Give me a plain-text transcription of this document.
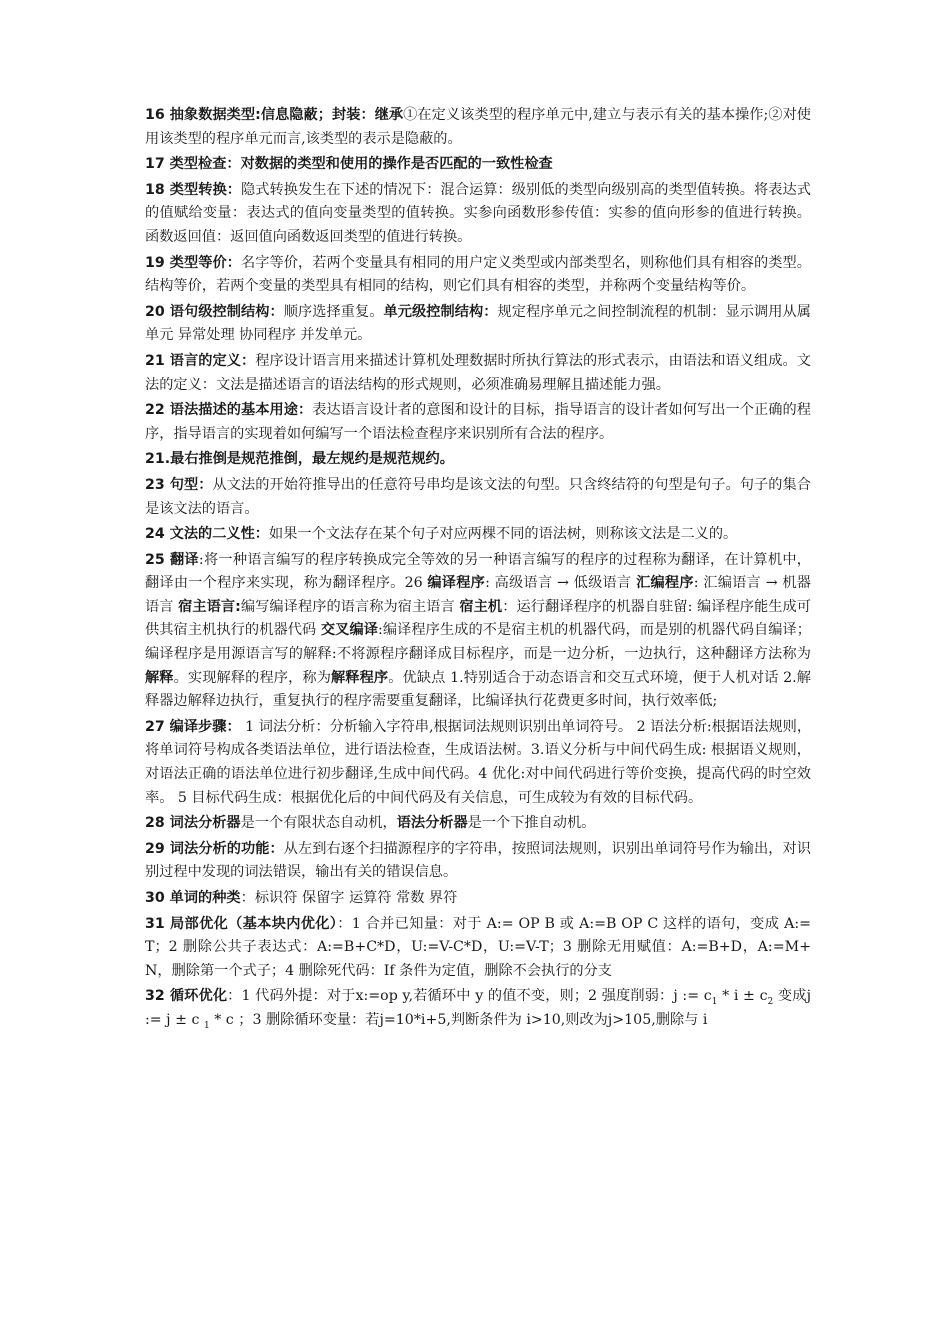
16 抽象数据类型:信息隐蔽；封装：继承①在定义该类型的程序单元中,建立与表示有关的基本操作;②对使用该类型的程序单元而言,该类型的表示是隐蔽的。

17 类型检查：对数据的类型和使用的操作是否匹配的一致性检查

18 类型转换：隐式转换发生在下述的情况下：混合运算：级别低的类型向级别高的类型值转换。将表达式的值赋给变量：表达式的值向变量类型的值转换。实参向函数形参传值：实参的值向形参的值进行转换。函数返回值：返回值向函数返回类型的值进行转换。

19 类型等价：名字等价，若两个变量具有相同的用户定义类型或内部类型名，则称他们具有相容的类型。结构等价，若两个变量的类型具有相同的结构，则它们具有相容的类型，并称两个变量结构等价。

20 语句级控制结构：顺序选择重复。单元级控制结构：规定程序单元之间控制流程的机制：显示调用从属单元 异常处理 协同程序 并发单元。

21 语言的定义：程序设计语言用来描述计算机处理数据时所执行算法的形式表示，由语法和语义组成。文法的定义：文法是描述语言的语法结构的形式规则，必须准确易理解且描述能力强。

22 语法描述的基本用途：表达语言设计者的意图和设计的目标，指导语言的设计者如何写出一个正确的程序，指导语言的实现着如何编写一个语法检查程序来识别所有合法的程序。

21.最右推倒是规范推倒，最左规约是规范规约。

23 句型：从文法的开始符推导出的任意符号串均是该文法的句型。只含终结符的句型是句子。句子的集合是该文法的语言。

24 文法的二义性：如果一个文法存在某个句子对应两棵不同的语法树，则称该文法是二义的。

25 翻译:将一种语言编写的程序转换成完全等效的另一种语言编写的程序的过程称为翻译，在计算机中，翻译由一个程序来实现，称为翻译程序。26 编译程序: 高级语言 → 低级语言 汇编程序: 汇编语言 → 机器语言 宿主语言:编写编译程序的语言称为宿主语言 宿主机：运行翻译程序的机器自驻留: 编译程序能生成可供其宿主机执行的机器代码 交叉编译:编译程序生成的不是宿主机的机器代码，而是别的机器代码自编译；编译程序是用源语言写的解释:不将源程序翻译成目标程序，而是一边分析，一边执行，这种翻译方法称为解释。实现解释的程序，称为解释程序。优缺点 1.特别适合于动态语言和交互式环境，便于人机对话 2.解释器边解释边执行，重复执行的程序需要重复翻译，比编译执行花费更多时间，执行效率低;

27 编译步骤： 1 词法分析：分析输入字符串,根据词法规则识别出单词符号。 2 语法分析:根据语法规则，将单词符号构成各类语法单位，进行语法检查，生成语法树。3.语义分析与中间代码生成: 根据语义规则，对语法正确的语法单位进行初步翻译,生成中间代码。4 优化:对中间代码进行等价变换，提高代码的时空效率。 5 目标代码生成：根据优化后的中间代码及有关信息，可生成较为有效的目标代码。

28 词法分析器是一个有限状态自动机，语法分析器是一个下推自动机。

29 词法分析的功能：从左到右逐个扫描源程序的字符串，按照词法规则，识别出单词符号作为输出，对识别过程中发现的词法错误，输出有关的错误信息。

30 单词的种类：标识符 保留字 运算符 常数 界符

31 局部优化（基本块内优化）：1 合并已知量：对于 A:= OP B 或 A:=B OP C 这样的语句，变成 A:=T；2 删除公共子表达式：A:=B+C*D，U:=V-C*D，U:=V-T；3 删除无用赋值：A:=B+D，A:=M+N，删除第一个式子；4 删除死代码：If 条件为定值，删除不会执行的分支

32 循环优化：1 代码外提：对于x:=op y,若循环中 y 的值不变，则；2 强度削弱：j := $c_1 * i \pm c_2$ 变成j := j ± c $_1$ * c ；3 删除循环变量：若j=10*i+5,判断条件为 i>10,则改为j>105,删除与 i
